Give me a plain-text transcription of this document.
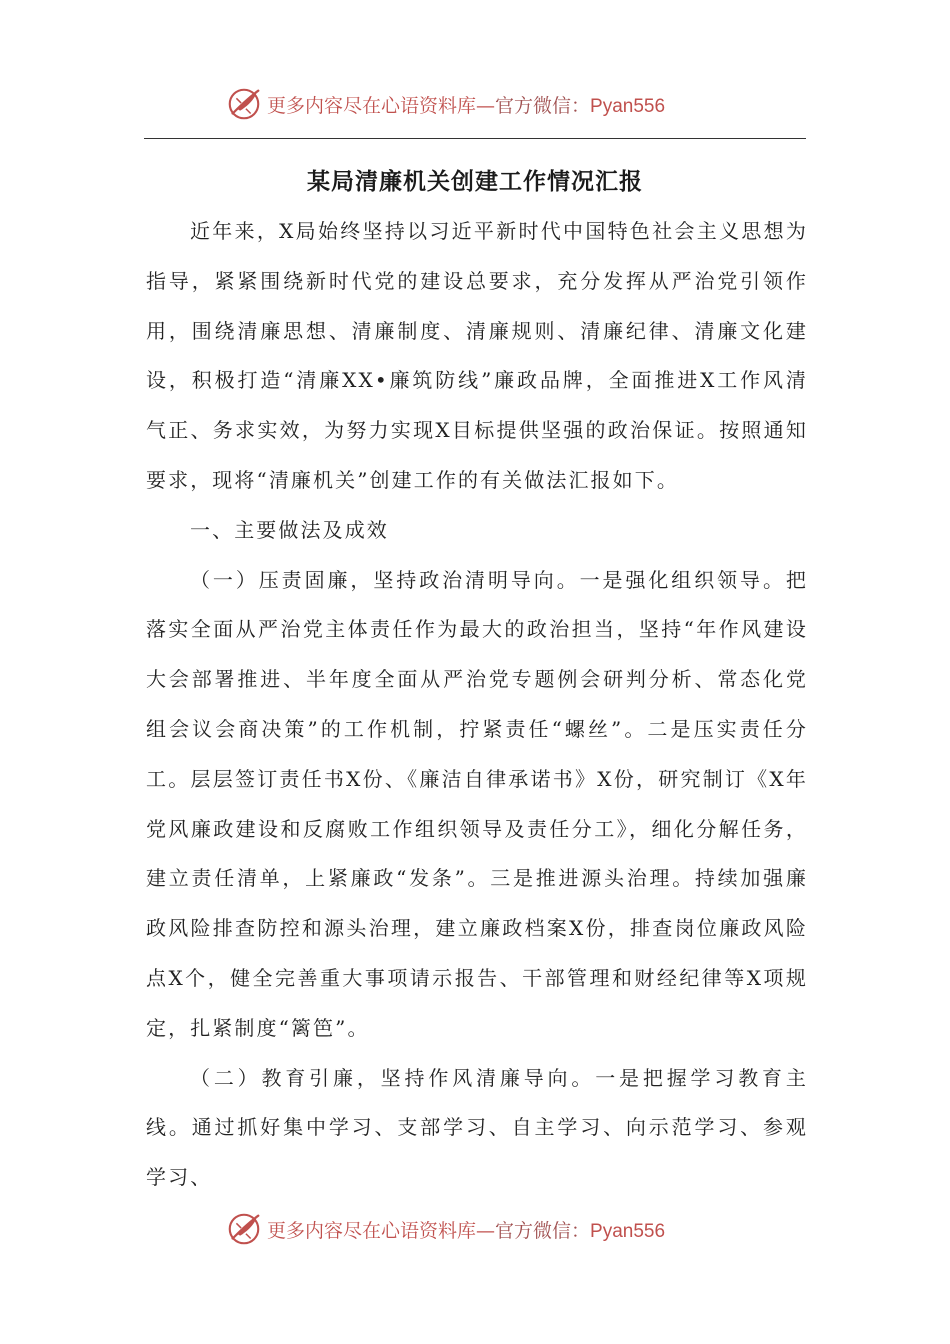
更多内容尽在心语资料库—官方微信：Pyan556
某局清廉机关创建工作情况汇报

近年来，X局始终坚持以习近平新时代中国特色社会主义思想为指导，紧紧围绕新时代党的建设总要求，充分发挥从严治党引领作用，围绕清廉思想、清廉制度、清廉规则、清廉纪律、清廉文化建设，积极打造“清廉XX•廉筑防线”廉政品牌，全面推进X工作风清气正、务求实效，为努力实现X目标提供坚强的政治保证。按照通知要求，现将“清廉机关”创建工作的有关做法汇报如下。

一、主要做法及成效

（一）压责固廉，坚持政治清明导向。一是强化组织领导。把落实全面从严治党主体责任作为最大的政治担当，坚持“年作风建设大会部署推进、半年度全面从严治党专题例会研判分析、常态化党组会议会商决策”的工作机制，拧紧责任“螺丝”。二是压实责任分工。层层签订责任书X份、《廉洁自律承诺书》X份，研究制订《X年党风廉政建设和反腐败工作组织领导及责任分工》，细化分解任务，建立责任清单，上紧廉政“发条”。三是推进源头治理。持续加强廉政风险排查防控和源头治理，建立廉政档案X份，排查岗位廉政风险点X个，健全完善重大事项请示报告、干部管理和财经纪律等X项规定，扎紧制度“篱笆”。

（二）教育引廉，坚持作风清廉导向。一是把握学习教育主线。通过抓好集中学习、支部学习、自主学习、向示范学习、参观学习、

更多内容尽在心语资料库—官方微信：Pyan556
